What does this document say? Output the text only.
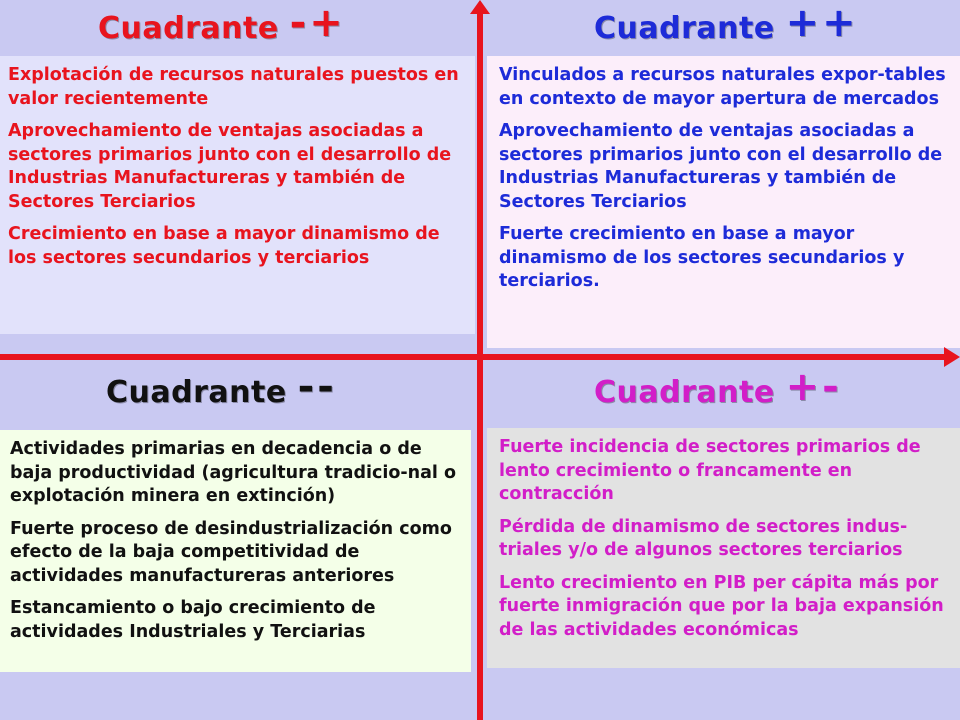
Cuadrante -+

Explotación de recursos naturales puestos en valor recientemente

Aprovechamiento de ventajas asociadas a sectores primarios junto con el desarrollo de Industrias Manufactureras y también de Sectores Terciarios

Crecimiento en base a mayor dinamismo de los sectores secundarios y terciarios

Cuadrante ++

Vinculados a recursos naturales expor-tables en contexto de mayor apertura de mercados

Aprovechamiento de ventajas asociadas a sectores primarios junto con el desarrollo de Industrias Manufactureras y también de Sectores Terciarios

Fuerte crecimiento en base a mayor dinamismo de los sectores secundarios y terciarios.

Cuadrante --

Actividades primarias en decadencia o de baja productividad (agricultura tradicio-nal o explotación minera en extinción)

Fuerte proceso de desindustrialización como efecto de la baja competitividad de actividades manufactureras anteriores

Estancamiento o bajo crecimiento de actividades Industriales y Terciarias

Cuadrante +-

Fuerte incidencia de sectores primarios de lento crecimiento o francamente en contracción

Pérdida de dinamismo de sectores indus-triales y/o de algunos sectores terciarios

Lento crecimiento en PIB per cápita más por fuerte inmigración que por la baja expansión de las actividades económicas
